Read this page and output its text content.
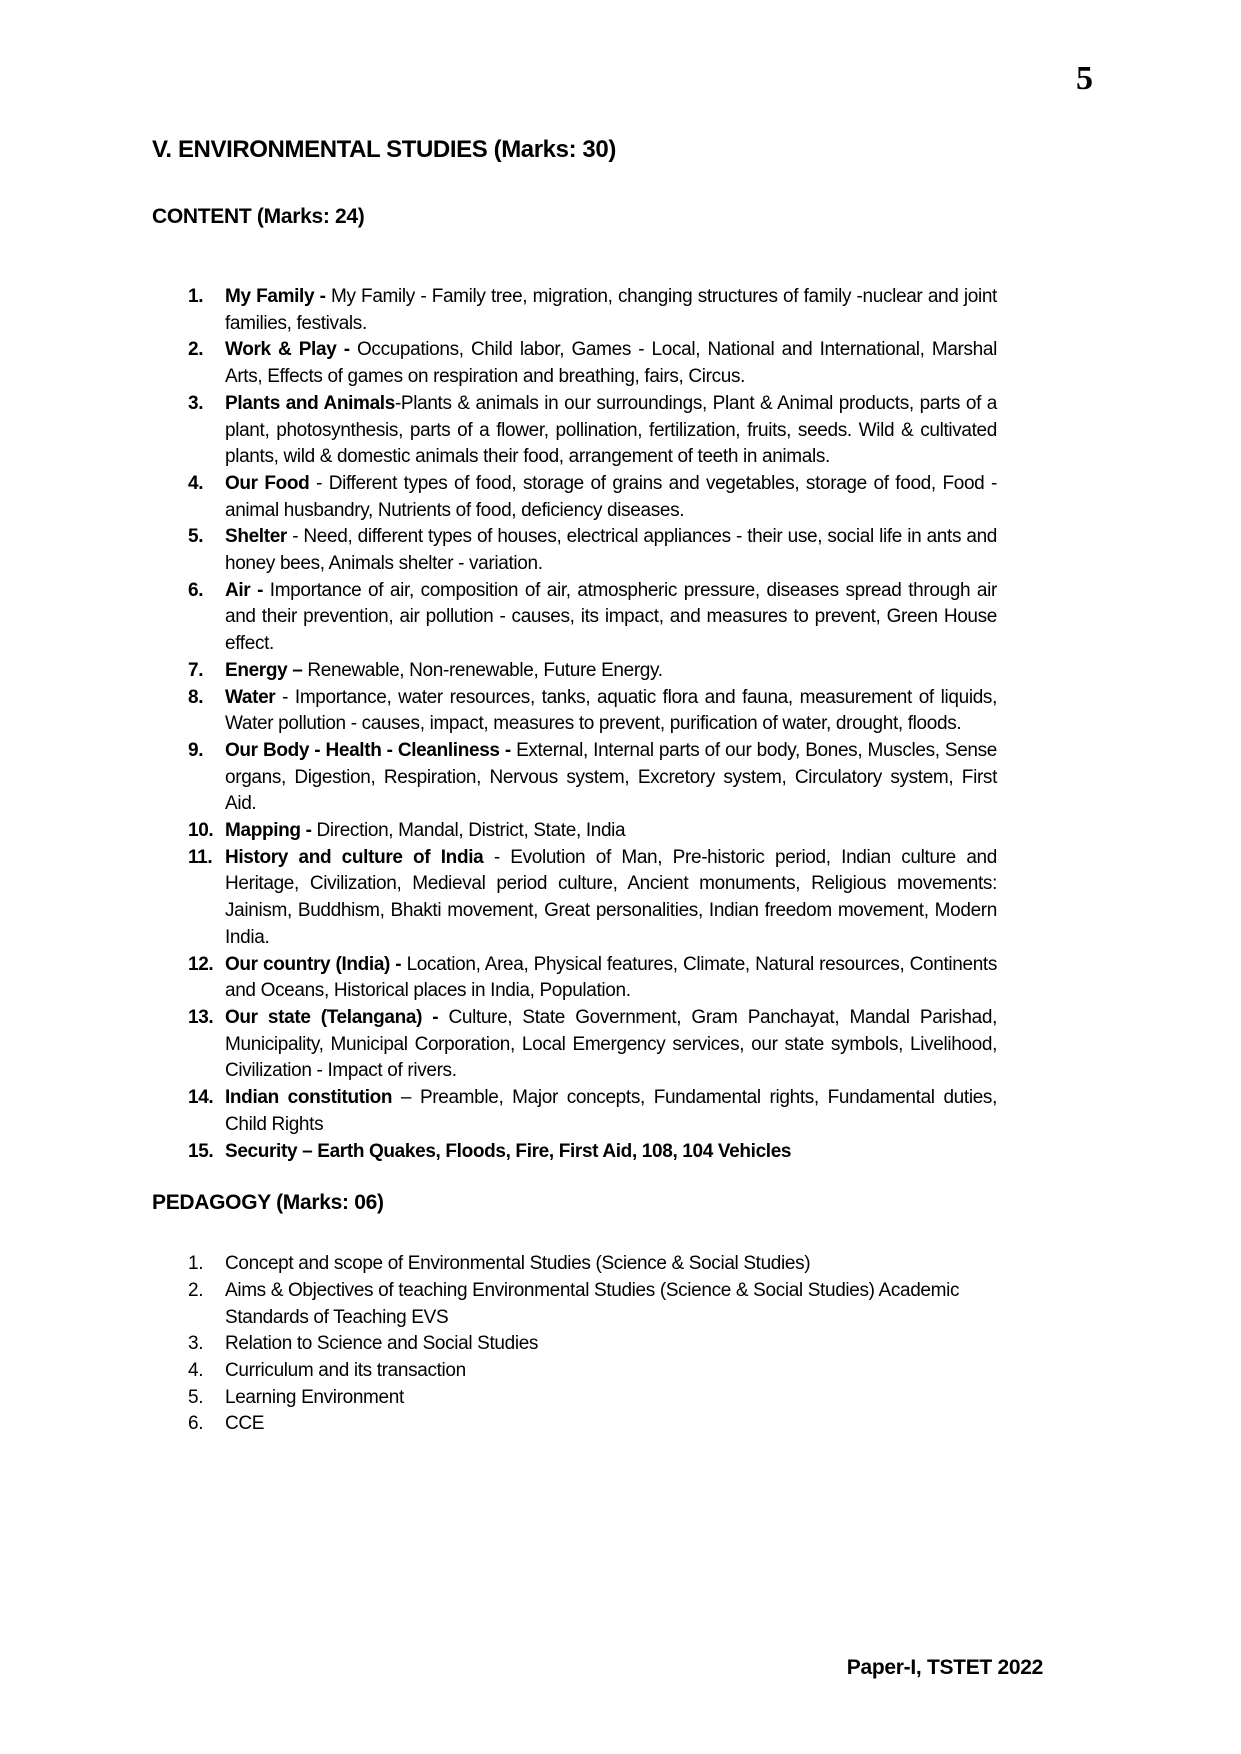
5
V. ENVIRONMENTAL STUDIES (Marks: 30)
CONTENT (Marks: 24)
1. My Family - My Family - Family tree, migration, changing structures of family -nuclear and joint families, festivals.
2. Work & Play - Occupations, Child labor, Games - Local, National and International, Marshal Arts, Effects of games on respiration and breathing, fairs, Circus.
3. Plants and Animals-Plants & animals in our surroundings, Plant & Animal products, parts of a plant, photosynthesis, parts of a flower, pollination, fertilization, fruits, seeds. Wild & cultivated plants, wild & domestic animals their food, arrangement of teeth in animals.
4. Our Food - Different types of food, storage of grains and vegetables, storage of food, Food - animal husbandry, Nutrients of food, deficiency diseases.
5. Shelter - Need, different types of houses, electrical appliances - their use, social life in ants and honey bees, Animals shelter - variation.
6. Air - Importance of air, composition of air, atmospheric pressure, diseases spread through air and their prevention, air pollution - causes, its impact, and measures to prevent, Green House effect.
7. Energy – Renewable, Non-renewable, Future Energy.
8. Water - Importance, water resources, tanks, aquatic flora and fauna, measurement of liquids, Water pollution - causes, impact, measures to prevent, purification of water, drought, floods.
9. Our Body - Health - Cleanliness - External, Internal parts of our body, Bones, Muscles, Sense organs, Digestion, Respiration, Nervous system, Excretory system, Circulatory system, First Aid.
10. Mapping - Direction, Mandal, District, State, India
11. History and culture of India - Evolution of Man, Pre-historic period, Indian culture and Heritage, Civilization, Medieval period culture, Ancient monuments, Religious movements: Jainism, Buddhism, Bhakti movement, Great personalities, Indian freedom movement, Modern India.
12. Our country (India) - Location, Area, Physical features, Climate, Natural resources, Continents and Oceans, Historical places in India, Population.
13. Our state (Telangana) - Culture, State Government, Gram Panchayat, Mandal Parishad, Municipality, Municipal Corporation, Local Emergency services, our state symbols, Livelihood, Civilization - Impact of rivers.
14. Indian constitution – Preamble, Major concepts, Fundamental rights, Fundamental duties, Child Rights
15. Security – Earth Quakes, Floods, Fire, First Aid, 108, 104 Vehicles
PEDAGOGY (Marks: 06)
1. Concept and scope of Environmental Studies (Science & Social Studies)
2. Aims & Objectives of teaching Environmental Studies (Science & Social Studies) Academic Standards of Teaching EVS
3. Relation to Science and Social Studies
4. Curriculum and its transaction
5. Learning Environment
6. CCE
Paper-I, TSTET 2022
